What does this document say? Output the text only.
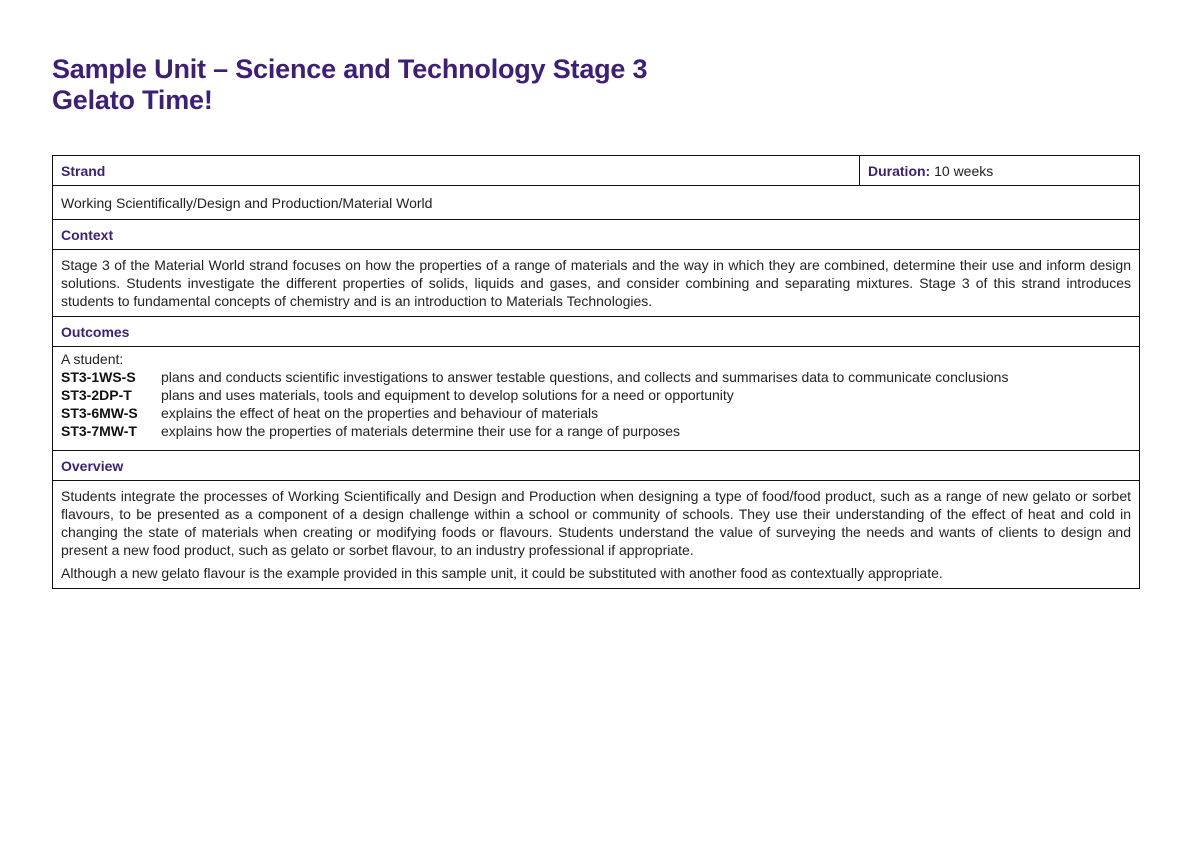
Sample Unit – Science and Technology Stage 3
Gelato Time!
Strand	Duration: 10 weeks
Working Scientifically/Design and Production/Material World
Context
Stage 3 of the Material World strand focuses on how the properties of a range of materials and the way in which they are combined, determine their use and inform design solutions. Students investigate the different properties of solids, liquids and gases, and consider combining and separating mixtures. Stage 3 of this strand introduces students to fundamental concepts of chemistry and is an introduction to Materials Technologies.
Outcomes

A student:
ST3-1WS-S	plans and conducts scientific investigations to answer testable questions, and collects and summarises data to communicate conclusions
ST3-2DP-T	plans and uses materials, tools and equipment to develop solutions for a need or opportunity
ST3-6MW-S	explains the effect of heat on the properties and behaviour of materials
ST3-7MW-T	explains how the properties of materials determine their use for a range of purposes

Overview

Students integrate the processes of Working Scientifically and Design and Production when designing a type of food/food product, such as a range of new gelato or sorbet flavours, to be presented as a component of a design challenge within a school or community of schools. They use their understanding of the effect of heat and cold in changing the state of materials when creating or modifying foods or flavours. Students understand the value of surveying the needs and wants of clients to design and present a new food product, such as gelato or sorbet flavour, to an industry professional if appropriate.

Although a new gelato flavour is the example provided in this sample unit, it could be substituted with another food as contextually appropriate.
